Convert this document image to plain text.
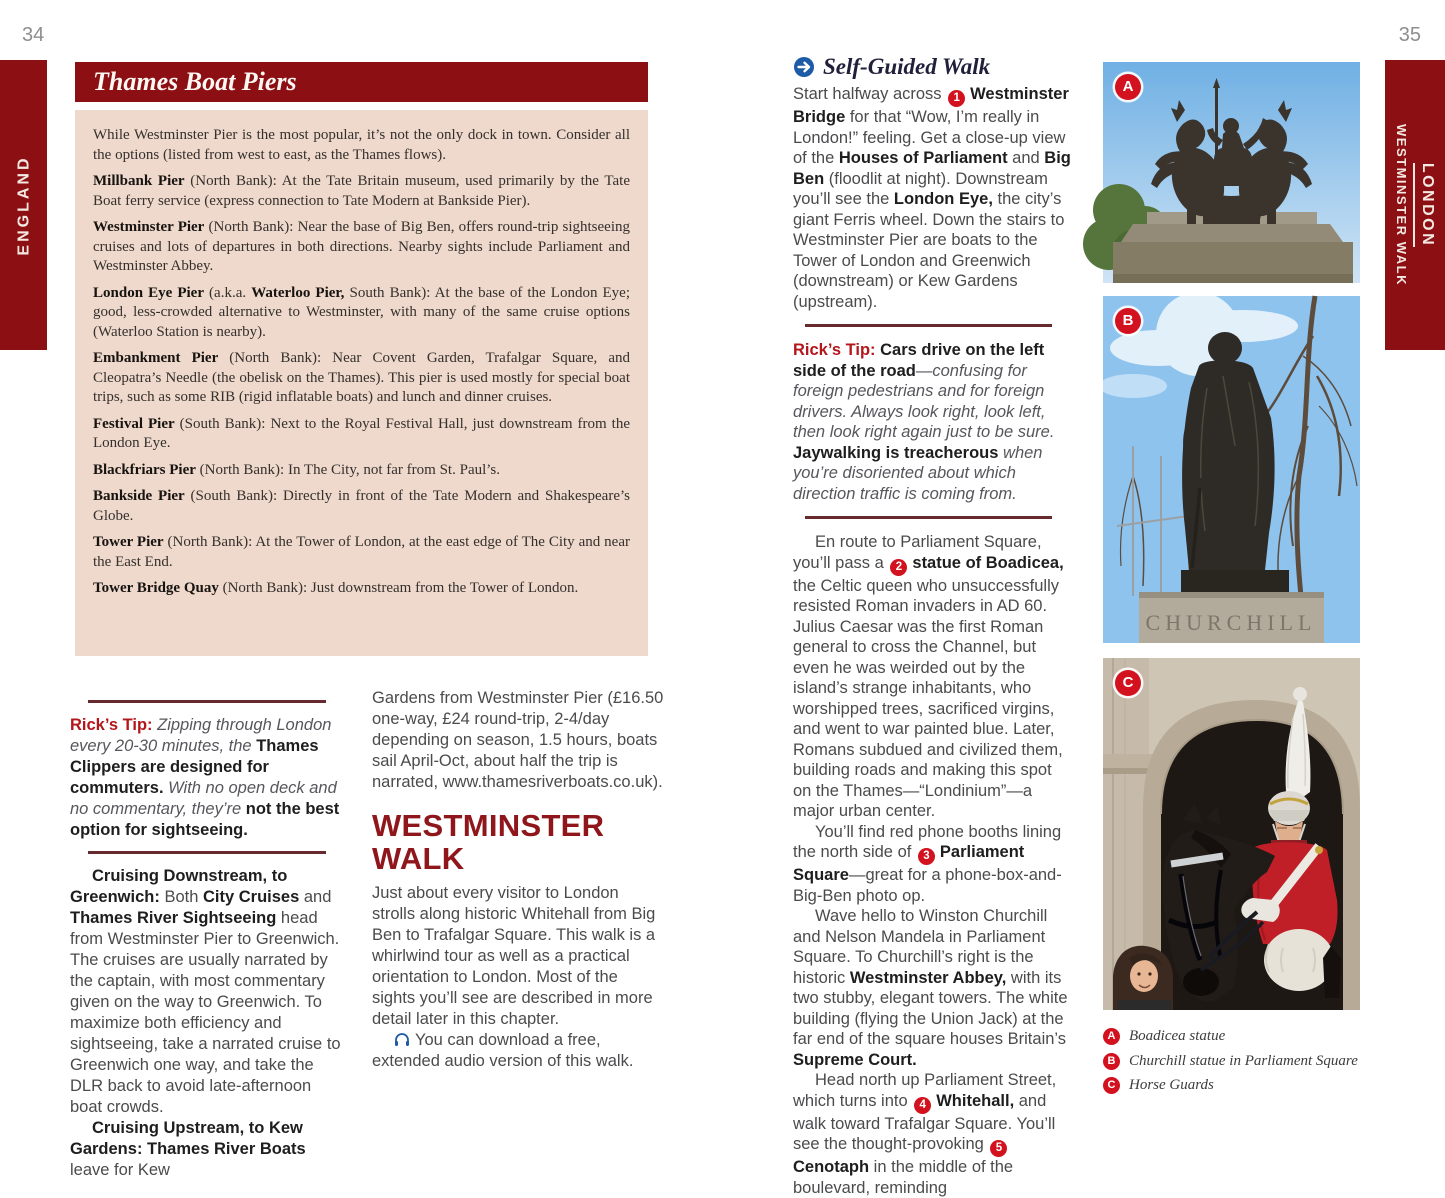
34	35
ENGLAND	LONDON
WESTMINSTER WALK
Thames Boat Piers

While Westminster Pier is the most popular, it’s not the only dock in town. Consider all the options (listed from west to east, as the Thames flows).

Millbank Pier (North Bank): At the Tate Britain museum, used primarily by the Tate Boat ferry service (express connection to Tate Modern at Bankside Pier).

Westminster Pier (North Bank): Near the base of Big Ben, offers round-trip sightseeing cruises and lots of departures in both directions. Nearby sights include Parliament and Westminster Abbey.

London Eye Pier (a.k.a. Waterloo Pier, South Bank): At the base of the London Eye; good, less-crowded alternative to Westminster, with many of the same cruise options (Waterloo Station is nearby).

Embankment Pier (North Bank): Near Covent Garden, Trafalgar Square, and Cleopatra’s Needle (the obelisk on the Thames). This pier is used mostly for special boat trips, such as some RIB (rigid inflatable boats) and lunch and dinner cruises.

Festival Pier (South Bank): Next to the Royal Festival Hall, just downstream from the London Eye.

Blackfriars Pier (North Bank): In The City, not far from St. Paul’s.

Bankside Pier (South Bank): Directly in front of the Tate Modern and Shakespeare’s Globe.

Tower Pier (North Bank): At the Tower of London, at the east edge of The City and near the East End.

Tower Bridge Quay (North Bank): Just downstream from the Tower of London.

Rick’s Tip: Zipping through London every 20-30 minutes, the Thames Clippers are designed for commuters. With no open deck and no commentary, they’re not the best option for sightseeing.

Cruising Downstream, to Greenwich: Both City Cruises and Thames River Sightseeing head from Westminster Pier to Greenwich. The cruises are usually narrated by the captain, with most commentary given on the way to Greenwich. To maximize both efficiency and sightseeing, take a narrated cruise to Greenwich one way, and take the DLR back to avoid late-afternoon boat crowds.

Cruising Upstream, to Kew Gardens: Thames River Boats leave for Kew

Gardens from Westminster Pier (£16.50 one-way, £24 round-trip, 2-4/day depending on season, 1.5 hours, boats sail April-Oct, about half the trip is narrated, www.thamesriverboats.co.uk).

WESTMINSTER WALK

Just about every visitor to London strolls along historic Whitehall from Big Ben to Trafalgar Square. This walk is a whirlwind tour as well as a practical orientation to London. Most of the sights you’ll see are described in more detail later in this chapter.

You can download a free, extended audio version of this walk.

Self-Guided Walk

Start halfway across 1 Westminster Bridge for that “Wow, I’m really in London!” feeling. Get a close-up view of the Houses of Parliament and Big Ben (floodlit at night). Downstream you’ll see the London Eye, the city’s giant Ferris wheel. Down the stairs to Westminster Pier are boats to the Tower of London and Greenwich (downstream) or Kew Gardens (upstream).

Rick’s Tip: Cars drive on the left side of the road—confusing for foreign pedestrians and for foreign drivers. Always look right, look left, then look right again just to be sure. Jaywalking is treacherous when you’re disoriented about which direction traffic is coming from.

En route to Parliament Square, you’ll pass a 2 statue of Boadicea, the Celtic queen who unsuccessfully resisted Roman invaders in AD 60. Julius Caesar was the first Roman general to cross the Channel, but even he was weirded out by the island’s strange inhabitants, who worshipped trees, sacrificed virgins, and went to war painted blue. Later, Romans subdued and civilized them, building roads and making this spot on the Thames—“Londinium”—a major urban center.

You’ll find red phone booths lining the north side of 3 Parliament Square—great for a phone-box-and-Big-Ben photo op.

Wave hello to Winston Churchill and Nelson Mandela in Parliament Square. To Churchill’s right is the historic Westminster Abbey, with its two stubby, elegant towers. The white building (flying the Union Jack) at the far end of the square houses Britain’s Supreme Court.

Head north up Parliament Street, which turns into 4 Whitehall, and walk toward Trafalgar Square. You’ll see the thought-provoking 5Cenotaph in the middle of the boulevard, reminding

A
CHURCHILL
B
C
A Boadicea statue
B Churchill statue in Parliament Square
C Horse Guards
